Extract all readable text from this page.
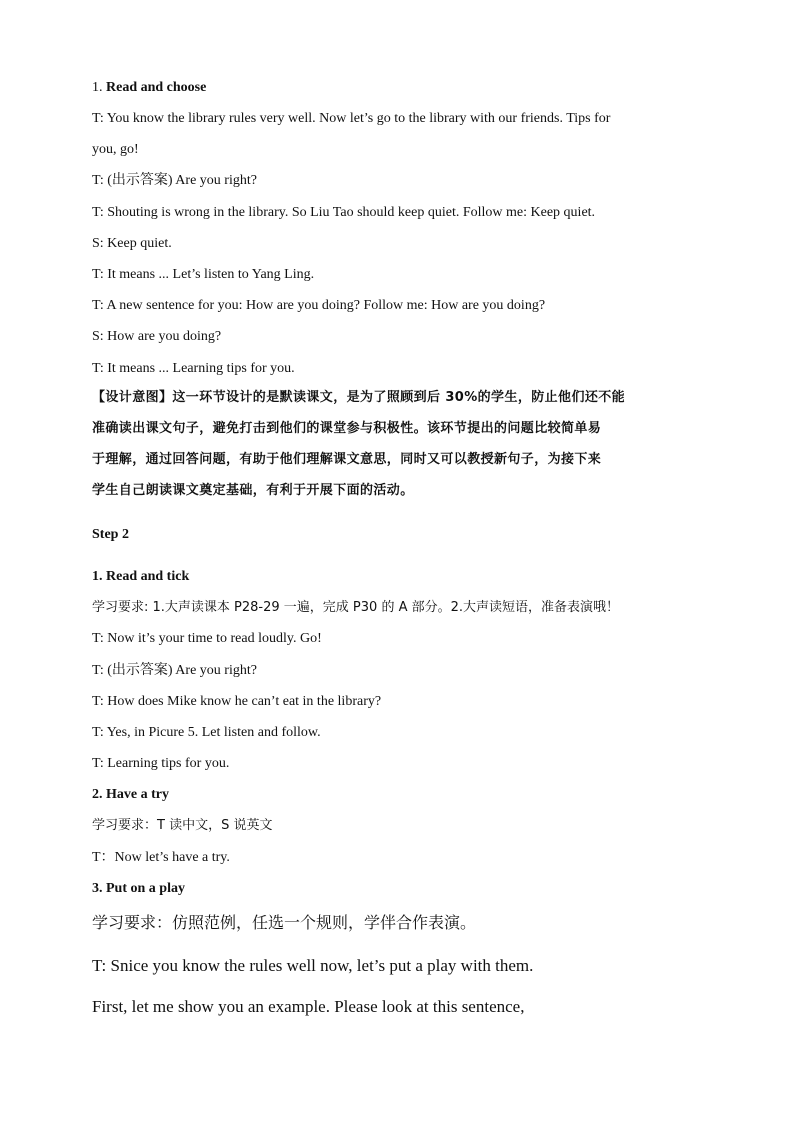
1. Read and choose
T: You know the library rules very well. Now let’s go to the library with our friends. Tips for
you, go!
T: (出示答案) Are you right?
T: Shouting is wrong in the library. So Liu Tao should keep quiet. Follow me: Keep quiet.
S: Keep quiet.
T: It means ... Let’s listen to Yang Ling.
T: A new sentence for you: How are you doing? Follow me: How are you doing?
S: How are you doing?
T: It means ... Learning tips for you.
【设计意图】这一环节设计的是默读课文，是为了照顾到后 30%的学生，防止他们还不能
准确读出课文句子，避免打击到他们的课堂参与积极性。该环节提出的问题比较简单易
于理解，通过回答问题，有助于他们理解课文意思，同时又可以教授新句子，为接下来
学生自己朗读课文奠定基础，有利于开展下面的活动。
Step 2
1. Read and tick
学习要求: 1.大声读课本 P28-29 一遍，完成 P30 的 A 部分。2.大声读短语，准备表演哦！
T: Now it’s your time to read loudly. Go!
T: (出示答案) Are you right?
T: How does Mike know he can’t eat in the library?
T: Yes, in Picure 5. Let listen and follow.
T: Learning tips for you.
2. Have a try
学习要求：T 读中文，S 说英文
T：Now let’s have a try.
3. Put on a play
学习要求：仿照范例，任选一个规则，学伴合作表演。
T: Snice you know the rules well now, let’s put a play with them.
First, let me show you an example. Please look at this sentence,
